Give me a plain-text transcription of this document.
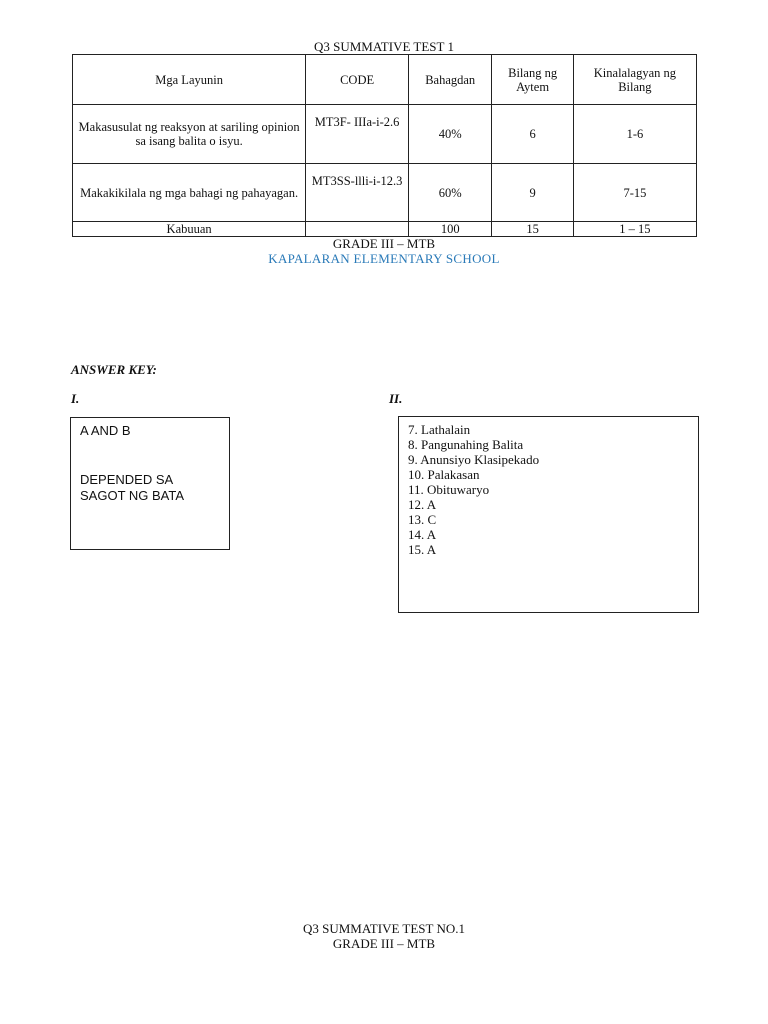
Q3 SUMMATIVE TEST 1
Mga Layunin	CODE	Bahagdan	Bilang ng Aytem	Kinalalagyan ng Bilang
Makasusulat ng reaksyon at sariling opinion sa isang balita o isyu.	MT3F- IIIa-i-2.6	40%	6	1-6
Makakikilala ng mga bahagi ng pahayagan.	MT3SS-llli-i-12.3	60%	9	7-15
Kabuuan		100	15	1 – 15
GRADE III – MTB
KAPALARAN ELEMENTARY SCHOOL
ANSWER KEY:
I.	II.
A AND B
DEPENDED SA
SAGOT NG BATA
7. Lathalain
8. Pangunahing Balita
9. Anunsiyo Klasipekado
10. Palakasan
11. Obituwaryo
12. A
13. C
14. A
15. A
Q3 SUMMATIVE TEST NO.1
GRADE III – MTB
